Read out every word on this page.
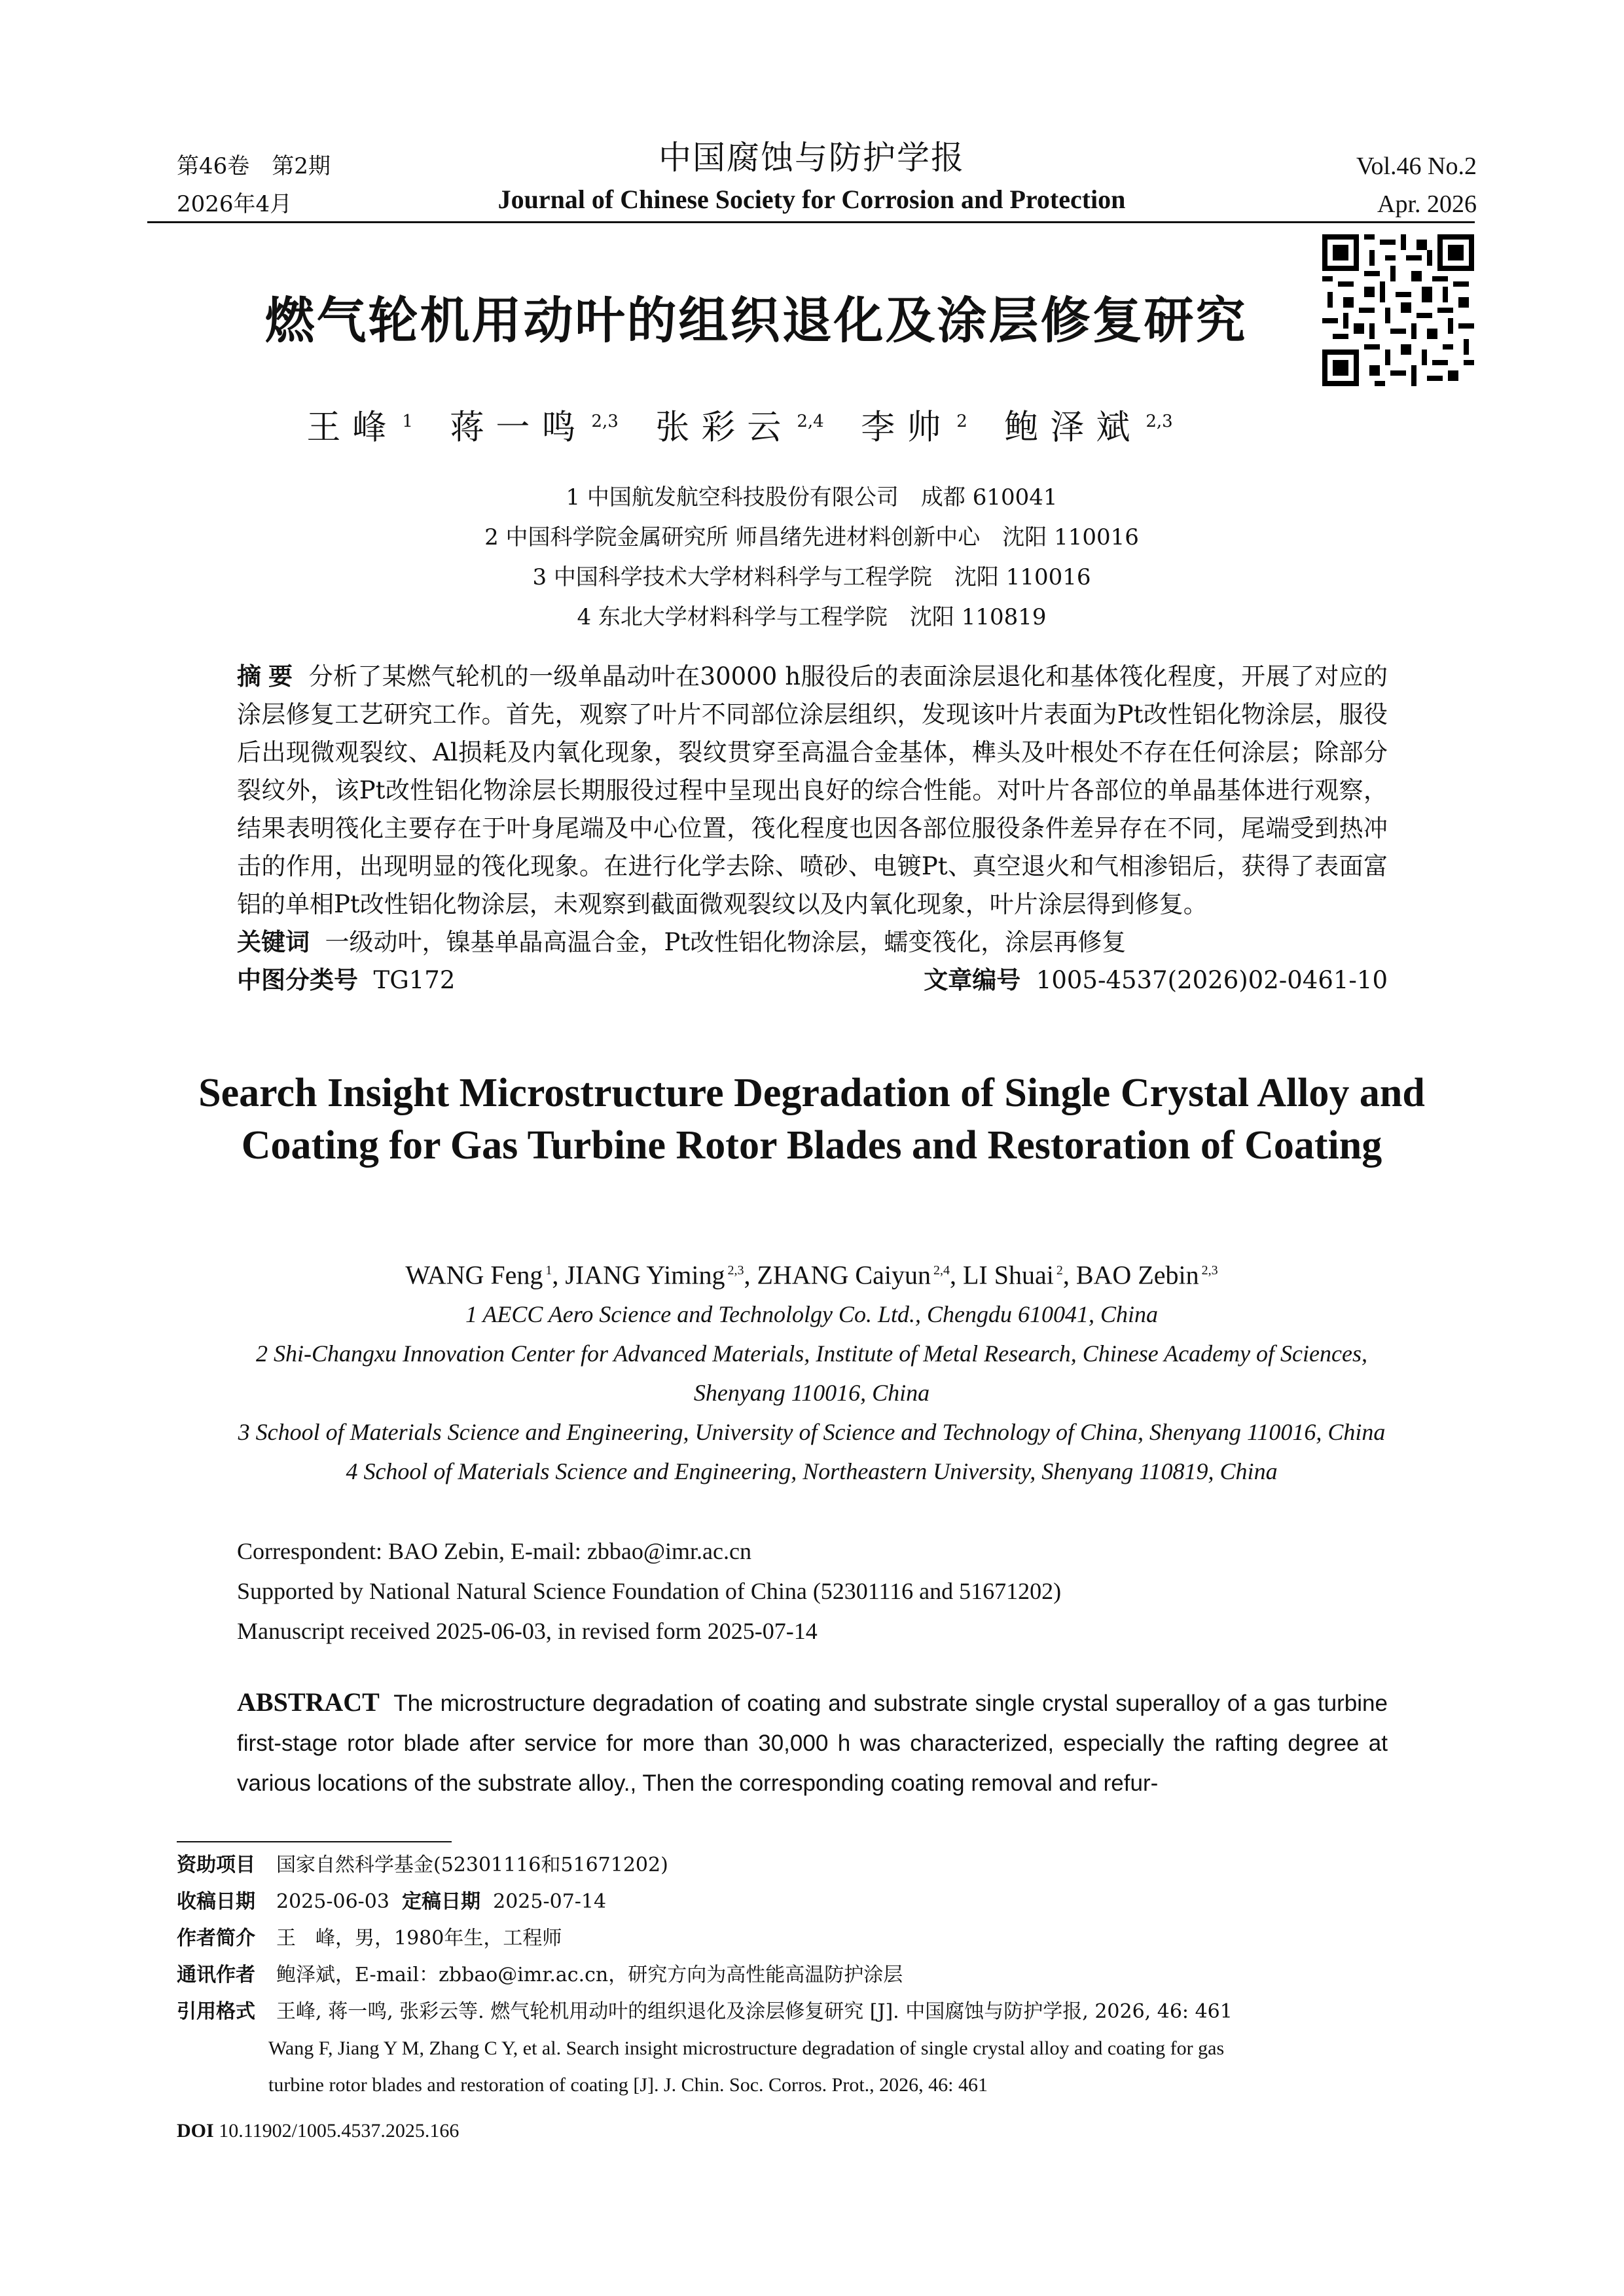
第46卷　第2期
2026年4月
中国腐蚀与防护学报
Journal of Chinese Society for Corrosion and Protection
Vol.46 No.2
Apr. 2026
燃气轮机用动叶的组织退化及涂层修复研究
王峰 $^1$ 蒋一鸣 $^{2,3}$ 张彩云 $^{2,4}$ 李帅 $^2$ 鲍泽斌 $^{2,3}$
1 中国航发航空科技股份有限公司　成都 610041
2 中国科学院金属研究所 师昌绪先进材料创新中心　沈阳 110016
3 中国科学技术大学材料科学与工程学院　沈阳 110016
4 东北大学材料科学与工程学院　沈阳 110819
摘 要 分析了某燃气轮机的一级单晶动叶在30000 h服役后的表面涂层退化和基体筏化程度，开展了对应的涂层修复工艺研究工作。首先，观察了叶片不同部位涂层组织，发现该叶片表面为Pt改性铝化物涂层，服役后出现微观裂纹、Al损耗及内氧化现象，裂纹贯穿至高温合金基体，榫头及叶根处不存在任何涂层；除部分裂纹外，该Pt改性铝化物涂层长期服役过程中呈现出良好的综合性能。对叶片各部位的单晶基体进行观察，结果表明筏化主要存在于叶身尾端及中心位置，筏化程度也因各部位服役条件差异存在不同，尾端受到热冲击的作用，出现明显的筏化现象。在进行化学去除、喷砂、电镀Pt、真空退火和气相渗铝后，获得了表面富铝的单相Pt改性铝化物涂层，未观察到截面微观裂纹以及内氧化现象，叶片涂层得到修复。
关键词 一级动叶，镍基单晶高温合金，Pt改性铝化物涂层，蠕变筏化，涂层再修复
中图分类号 TG172	文章编号 1005-4537(2026)02-0461-10
Search Insight Microstructure Degradation of Single Crystal Alloy and Coating for Gas Turbine Rotor Blades and Restoration of Coating
WANG Feng $^1$, JIANG Yiming $^{2,3}$, ZHANG Caiyun $^{2,4}$, LI Shuai $^2$, BAO Zebin $^{2,3}$
1 AECC Aero Science and Technololgy Co. Ltd., Chengdu 610041, China
2 Shi-Changxu Innovation Center for Advanced Materials, Institute of Metal Research, Chinese Academy of Sciences, Shenyang 110016, China
3 School of Materials Science and Engineering, University of Science and Technology of China, Shenyang 110016, China
4 School of Materials Science and Engineering, Northeastern University, Shenyang 110819, China
Correspondent: BAO Zebin, E-mail: zbbao@imr.ac.cn
Supported by National Natural Science Foundation of China (52301116 and 51671202)
Manuscript received 2025-06-03, in revised form 2025-07-14
ABSTRACT The microstructure degradation of coating and substrate single crystal superalloy of a gas turbine first-stage rotor blade after service for more than 30,000 h was characterized, especially the rafting degree at various locations of the substrate alloy., Then the corresponding coating removal and refur-
资助项目 国家自然科学基金(52301116和51671202)
收稿日期 2025-06-03 定稿日期 2025-07-14
作者简介 王　峰，男，1980年生，工程师
通讯作者 鲍泽斌，E-mail：zbbao@imr.ac.cn，研究方向为高性能高温防护涂层
引用格式 王峰, 蒋一鸣, 张彩云等. 燃气轮机用动叶的组织退化及涂层修复研究 [J]. 中国腐蚀与防护学报, 2026, 46: 461
Wang F, Jiang Y M, Zhang C Y, et al. Search insight microstructure degradation of single crystal alloy and coating for gas
turbine rotor blades and restoration of coating [J]. J. Chin. Soc. Corros. Prot., 2026, 46: 461
DOI 10.11902/1005.4537.2025.166
